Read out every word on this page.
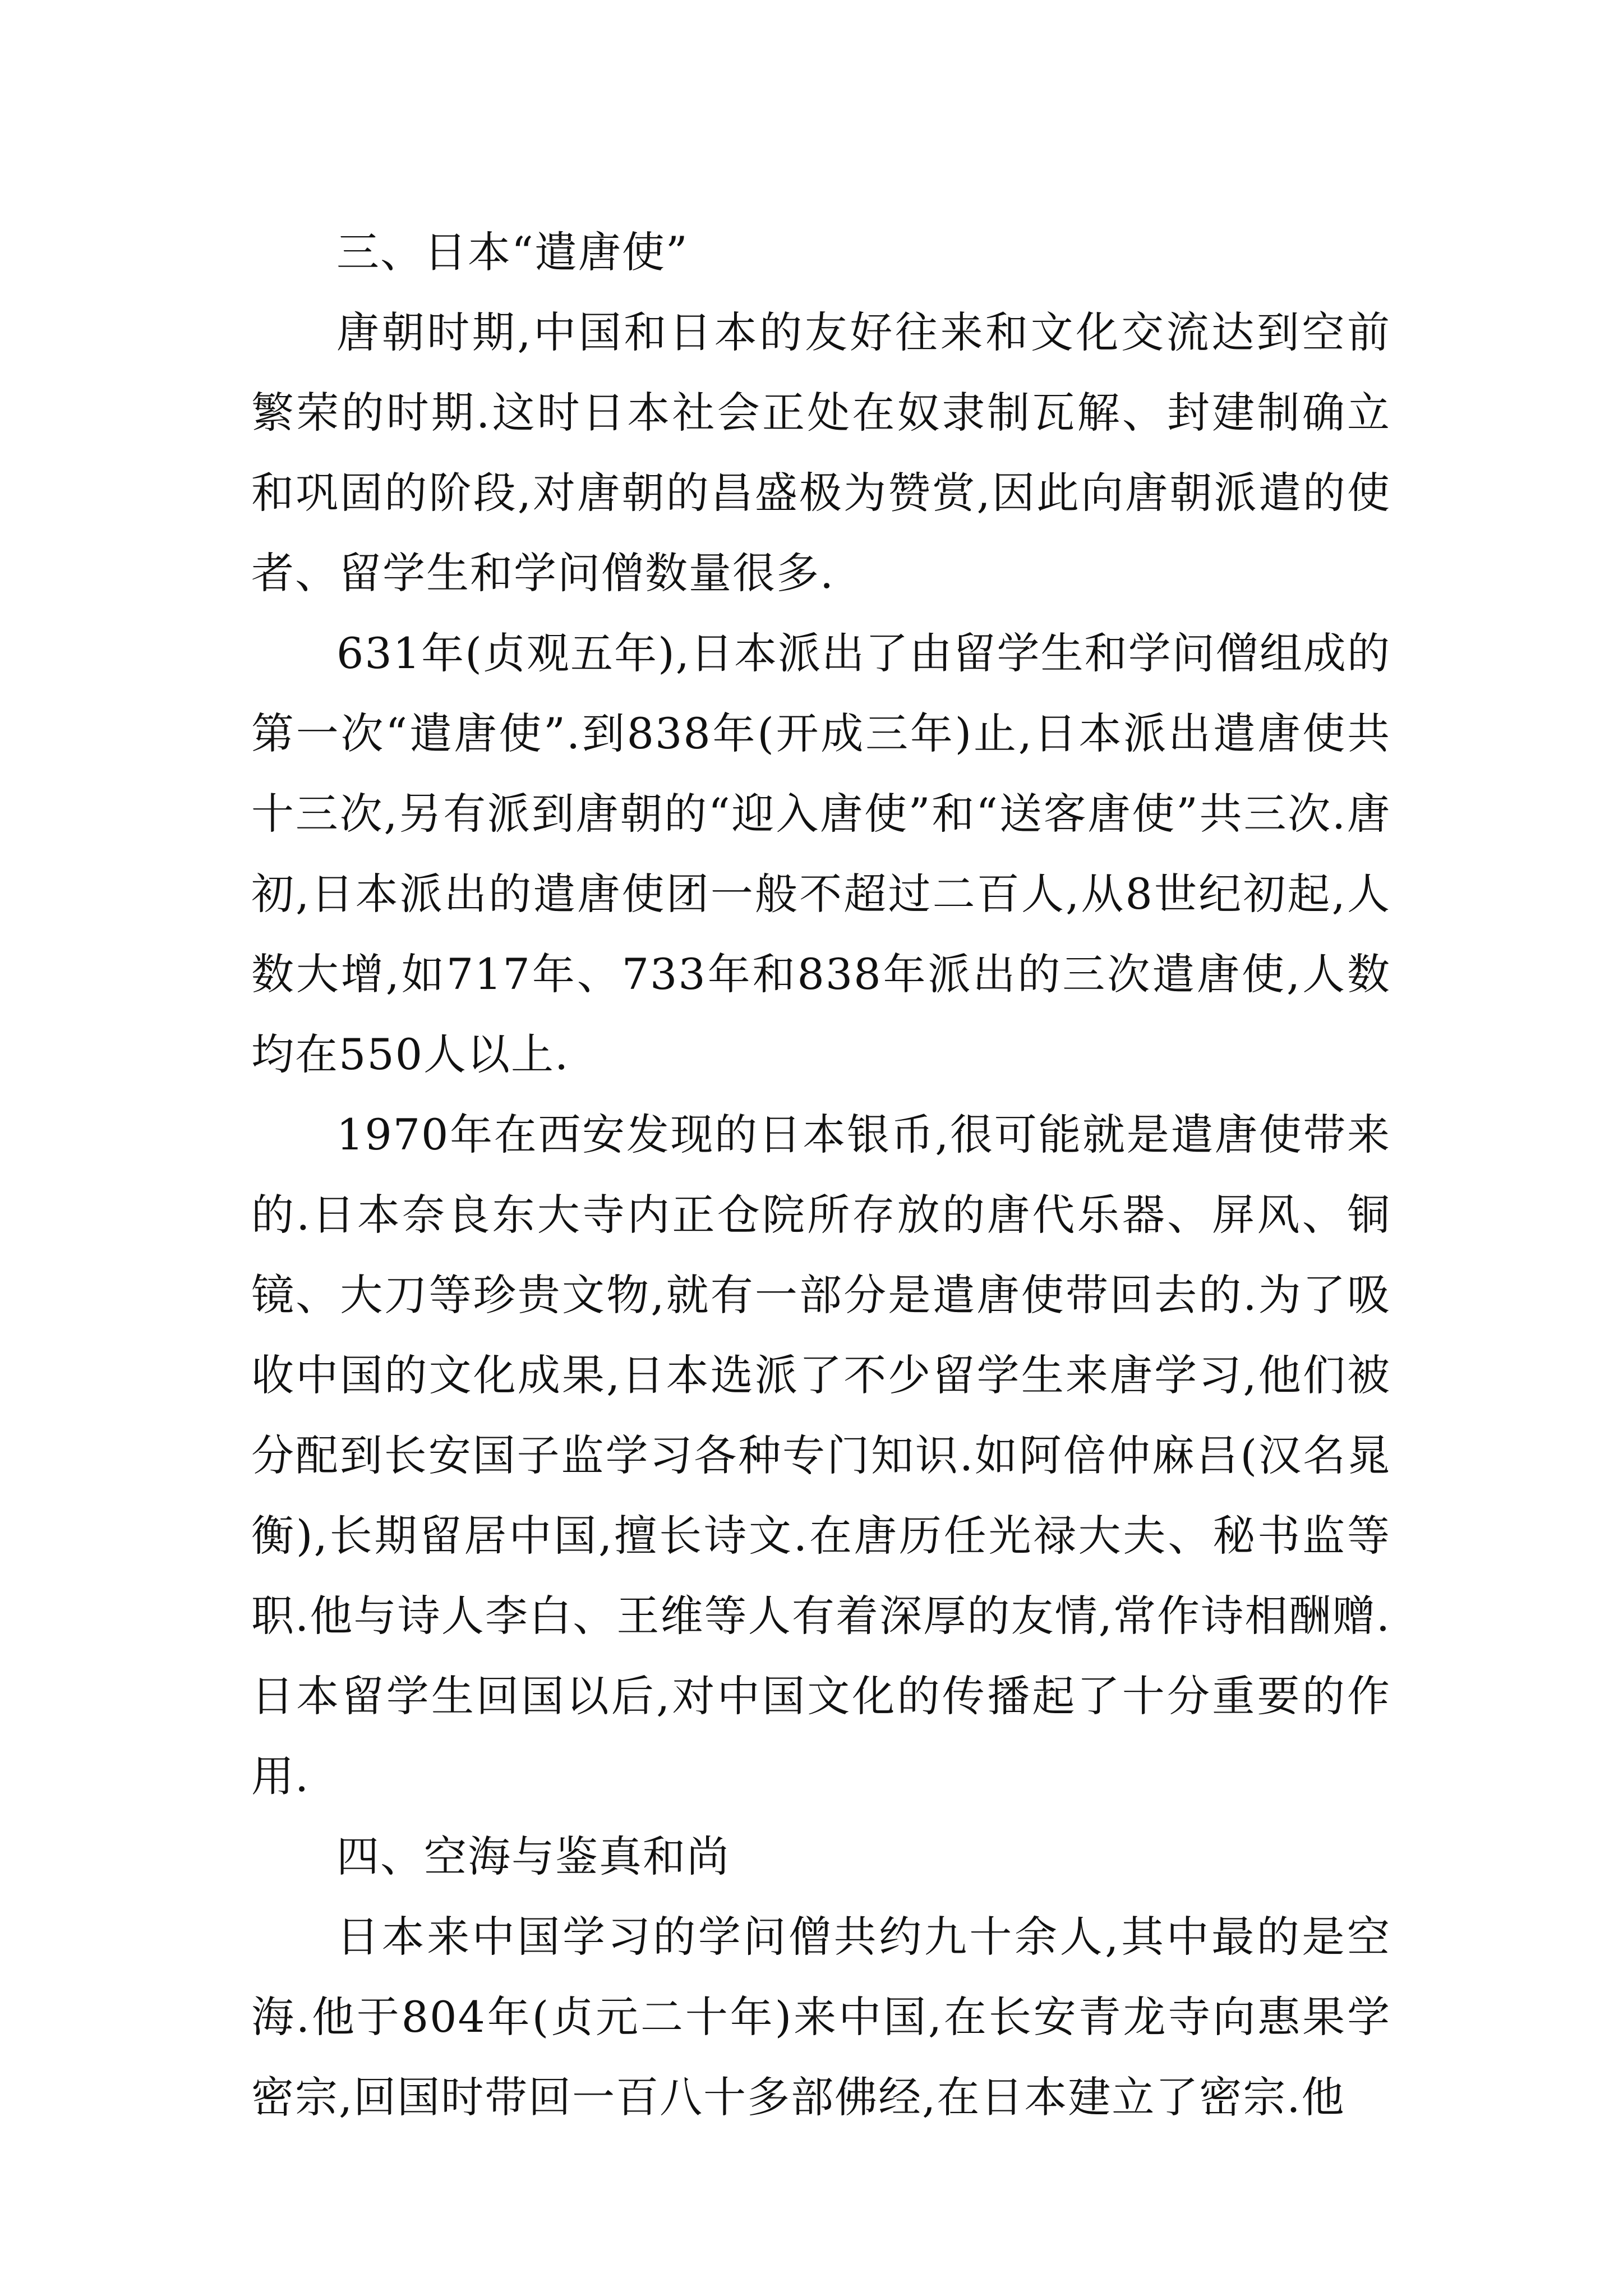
三、日本“遣唐使”

唐朝时期,中国和日本的友好往来和文化交流达到空前繁荣的时期.这时日本社会正处在奴隶制瓦解、封建制确立和巩固的阶段,对唐朝的昌盛极为赞赏,因此向唐朝派遣的使者、留学生和学问僧数量很多.

631年(贞观五年),日本派出了由留学生和学问僧组成的第一次“遣唐使”.到838年(开成三年)止,日本派出遣唐使共十三次,另有派到唐朝的“迎入唐使”和“送客唐使”共三次.唐初,日本派出的遣唐使团一般不超过二百人,从8世纪初起,人数大增,如717年、733年和838年派出的三次遣唐使,人数均在550人以上.

1970年在西安发现的日本银币,很可能就是遣唐使带来的.日本奈良东大寺内正仓院所存放的唐代乐器、屏风、铜镜、大刀等珍贵文物,就有一部分是遣唐使带回去的.为了吸收中国的文化成果,日本选派了不少留学生来唐学习,他们被分配到长安国子监学习各种专门知识.如阿倍仲麻吕(汉名晁衡),长期留居中国,擅长诗文.在唐历任光禄大夫、秘书监等职.他与诗人李白、王维等人有着深厚的友情,常作诗相酬赠.日本留学生回国以后,对中国文化的传播起了十分重要的作用.

四、空海与鉴真和尚

日本来中国学习的学问僧共约九十余人,其中最的是空海.他于804年(贞元二十年)来中国,在长安青龙寺向惠果学密宗,回国时带回一百八十多部佛经,在日本建立了密宗.他
